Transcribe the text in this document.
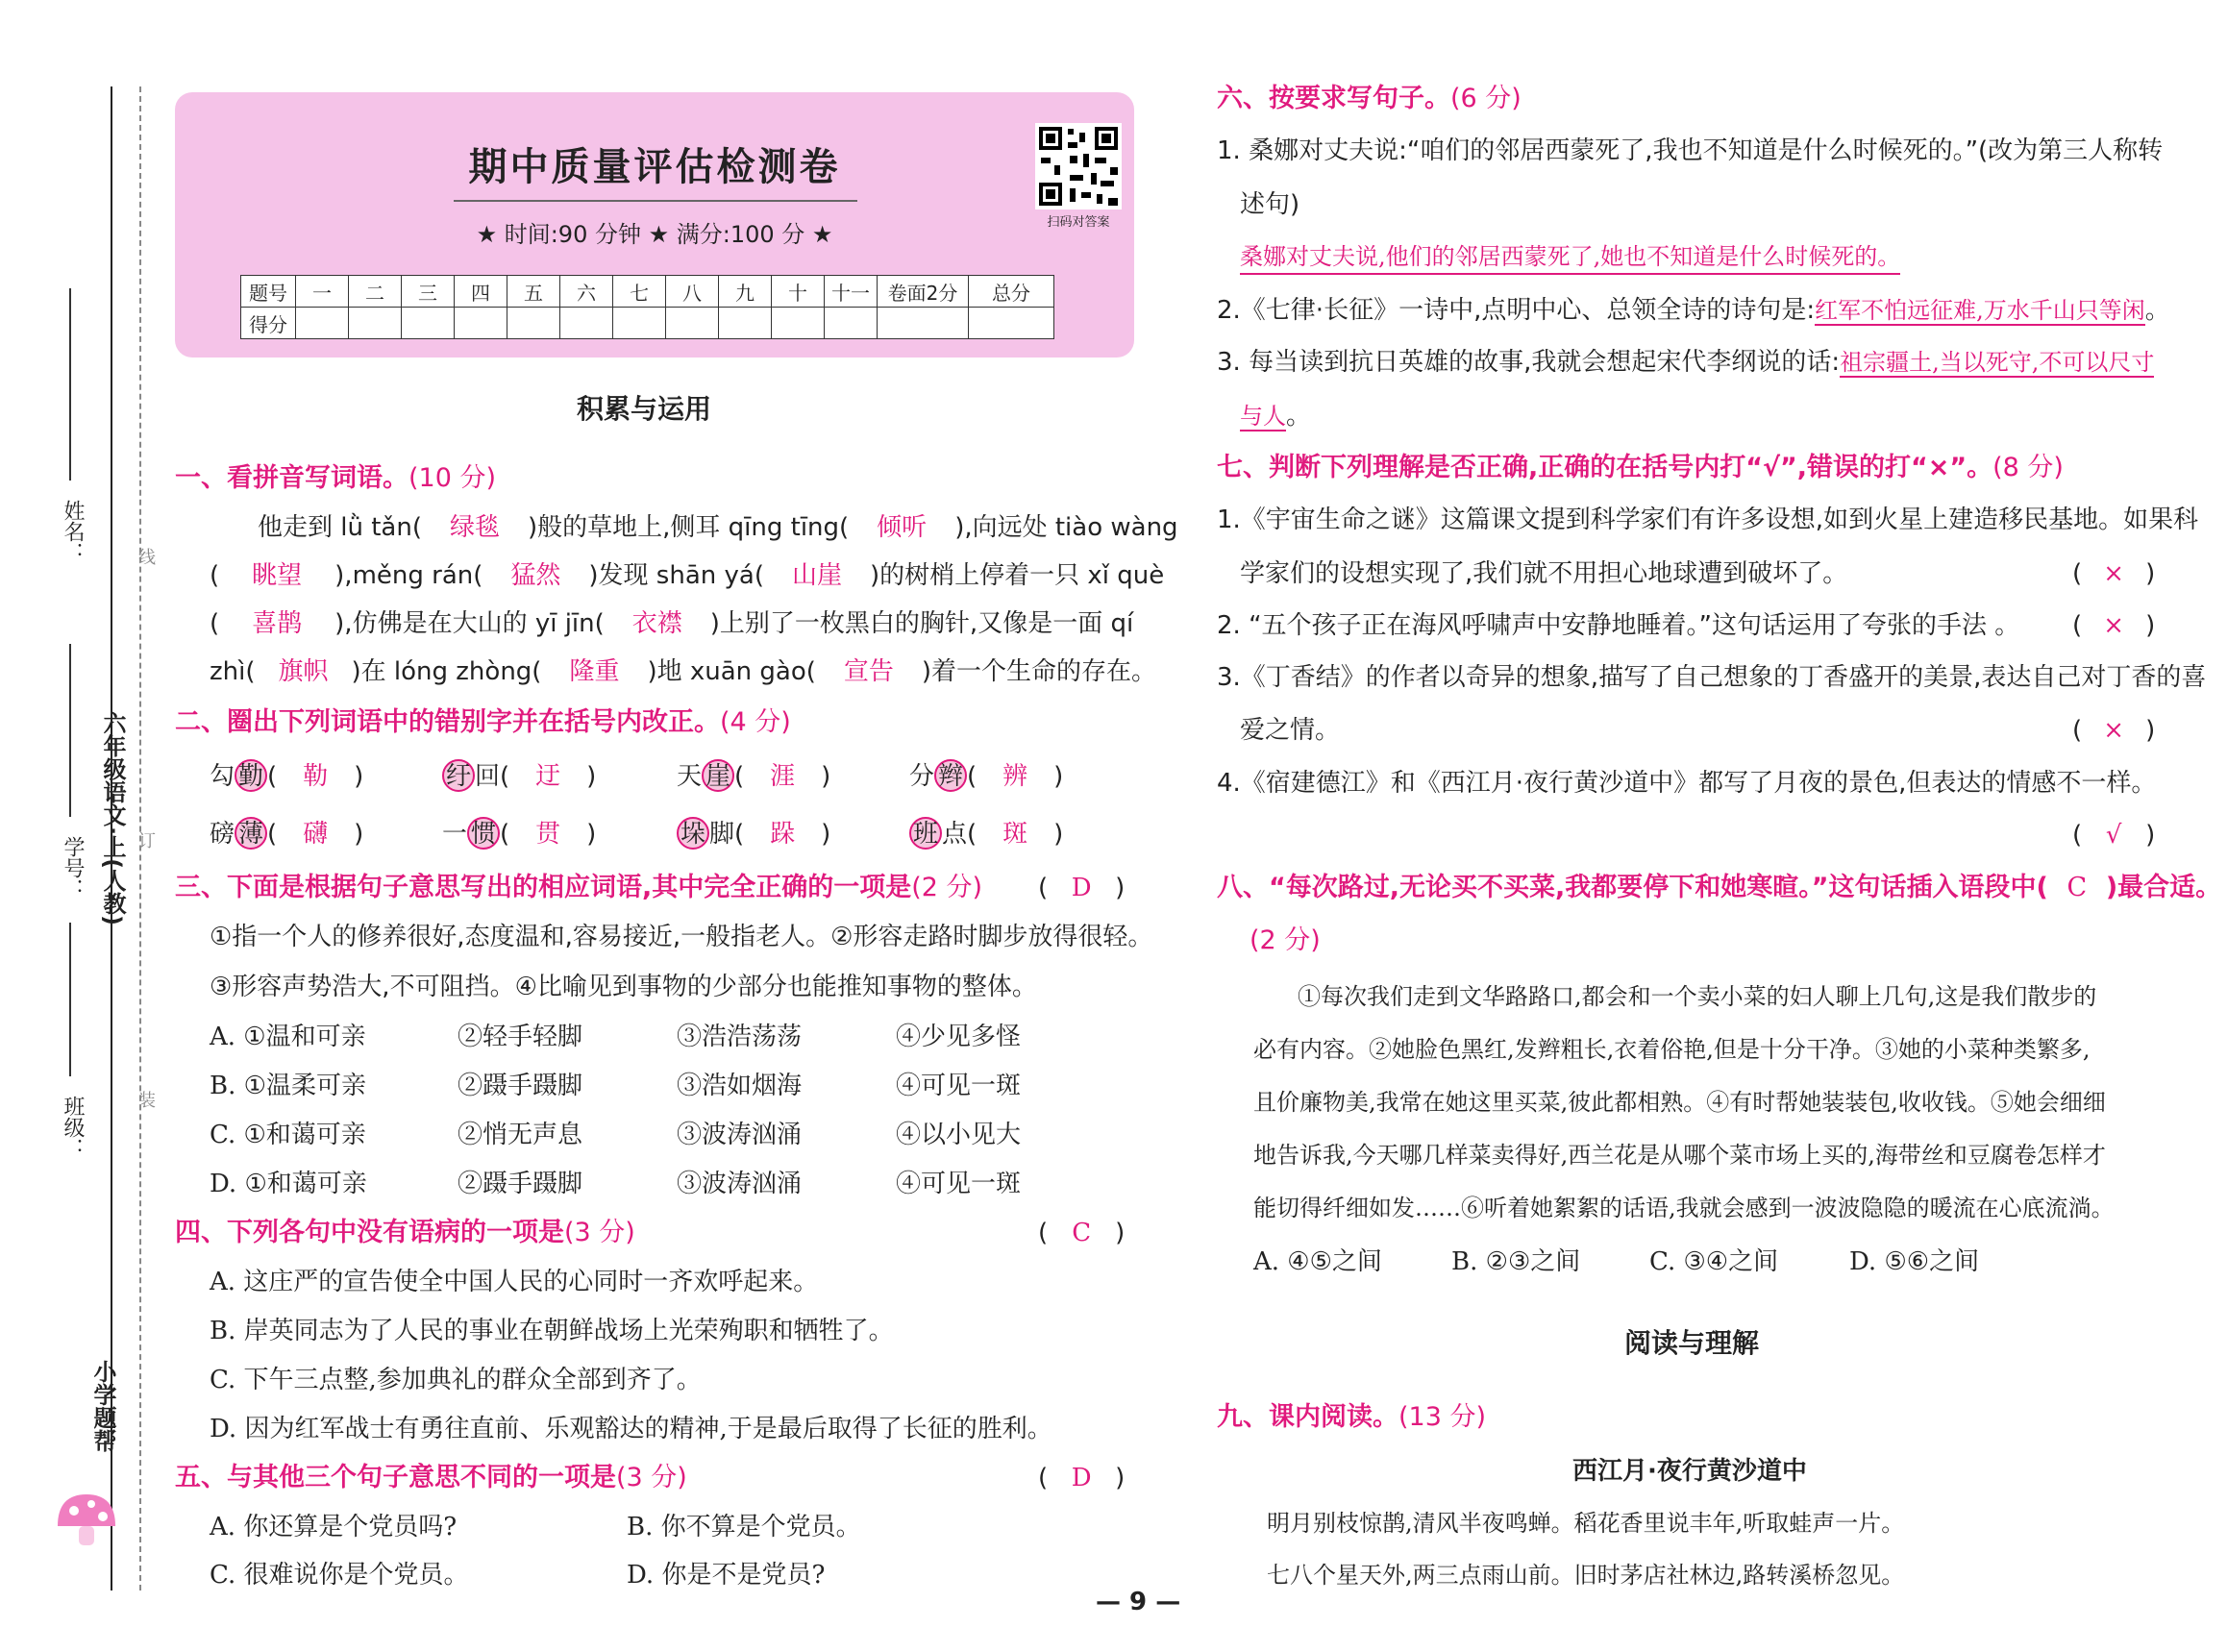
姓名：
学号：
班级：
六年级语文·上(人教)
线
订
装
小学题帮
期中质量评估检测卷
★ 时间:90 分钟 ★ 满分:100 分 ★	扫码对答案
题号	一	二	三	四	五	六	七	八	九	十	十一	卷面2分	总分
得分													
积累与运用
一、看拼音写词语。(10 分)
他走到 lǜ tǎn( 绿毯 )般的草地上,侧耳 qīng tīng( 倾听 ),向远处 tiào wàng
( 眺望 ),měng rán( 猛然 )发现 shān yá( 山崖 )的树梢上停着一只 xǐ què
( 喜鹊 ),仿佛是在大山的 yī jīn( 衣襟 )上别了一枚黑白的胸针,又像是一面 qí
zhì( 旗帜 )在 lóng zhòng( 隆重 )地 xuān gào( 宣告 )着一个生命的存在。
二、圈出下列词语中的错别字并在括号内改正。(4 分)
勾 勤 ( 勒 )	纡 回( 迂 )	天 崖 ( 涯 )	分 辫 ( 辨 )
磅 薄 ( 礴 )	一 惯 ( 贯 )	垛 脚( 跺 )	班 点( 斑 )
三、下面是根据句子意思写出的相应词语,其中完全正确的一项是(2 分) ( D )
①指一个人的修养很好,态度温和,容易接近,一般指老人。②形容走路时脚步放得很轻。
③形容声势浩大,不可阻挡。④比喻见到事物的少部分也能推知事物的整体。
A. ①温和可亲	②轻手轻脚	③浩浩荡荡	④少见多怪
B. ①温柔可亲	②蹑手蹑脚	③浩如烟海	④可见一斑
C. ①和蔼可亲	②悄无声息	③波涛汹涌	④以小见大
D. ①和蔼可亲	②蹑手蹑脚	③波涛汹涌	④可见一斑
四、下列各句中没有语病的一项是(3 分)	( C )
A. 这庄严的宣告使全中国人民的心同时一齐欢呼起来。
B. 岸英同志为了人民的事业在朝鲜战场上光荣殉职和牺牲了。
C. 下午三点整,参加典礼的群众全部到齐了。
D. 因为红军战士有勇往直前、乐观豁达的精神,于是最后取得了长征的胜利。
五、与其他三个句子意思不同的一项是(3 分)	( D )
A. 你还算是个党员吗?	B. 你不算是个党员。
C. 很难说你是个党员。	D. 你是不是党员?
六、按要求写句子。(6 分)
1. 桑娜对丈夫说:“咱们的邻居西蒙死了,我也不知道是什么时候死的。”(改为第三人称转
述句)
桑娜对丈夫说,他们的邻居西蒙死了,她也不知道是什么时候死的。
2.《七律·长征》一诗中,点明中心、总领全诗的诗句是:红军不怕远征难,万水千山只等闲。
3. 每当读到抗日英雄的故事,我就会想起宋代李纲说的话:祖宗疆土,当以死守,不可以尺寸
与人。
七、判断下列理解是否正确,正确的在括号内打“√”,错误的打“×”。(8 分)
1.《宇宙生命之谜》这篇课文提到科学家们有许多设想,如到火星上建造移民基地。如果科
学家们的设想实现了,我们就不用担心地球遭到破坏了。	( × )
2. “五个孩子正在海风呼啸声中安静地睡着。”这句话运用了夸张的手法 。 ( × )
3.《丁香结》的作者以奇异的想象,描写了自己想象的丁香盛开的美景,表达自己对丁香的喜
爱之情。	( × )
4.《宿建德江》和《西江月·夜行黄沙道中》都写了月夜的景色,但表达的情感不一样。
( √ )
八、“每次路过,无论买不买菜,我都要停下和她寒暄。”这句话插入语段中( C )最合适。
(2 分)
①每次我们走到文华路路口,都会和一个卖小菜的妇人聊上几句,这是我们散步的
必有内容。②她脸色黑红,发辫粗长,衣着俗艳,但是十分干净。③她的小菜种类繁多,
且价廉物美,我常在她这里买菜,彼此都相熟。④有时帮她装装包,收收钱。⑤她会细细
地告诉我,今天哪几样菜卖得好,西兰花是从哪个菜市场上买的,海带丝和豆腐卷怎样才
能切得纤细如发……⑥听着她絮絮的话语,我就会感到一波波隐隐的暖流在心底流淌。
A. ④⑤之间	B. ②③之间	C. ③④之间	D. ⑤⑥之间
阅读与理解
九、课内阅读。(13 分)
西江月·夜行黄沙道中
明月别枝惊鹊,清风半夜鸣蝉。稻花香里说丰年,听取蛙声一片。
七八个星天外,两三点雨山前。旧时茅店社林边,路转溪桥忽见。
— 9 —
